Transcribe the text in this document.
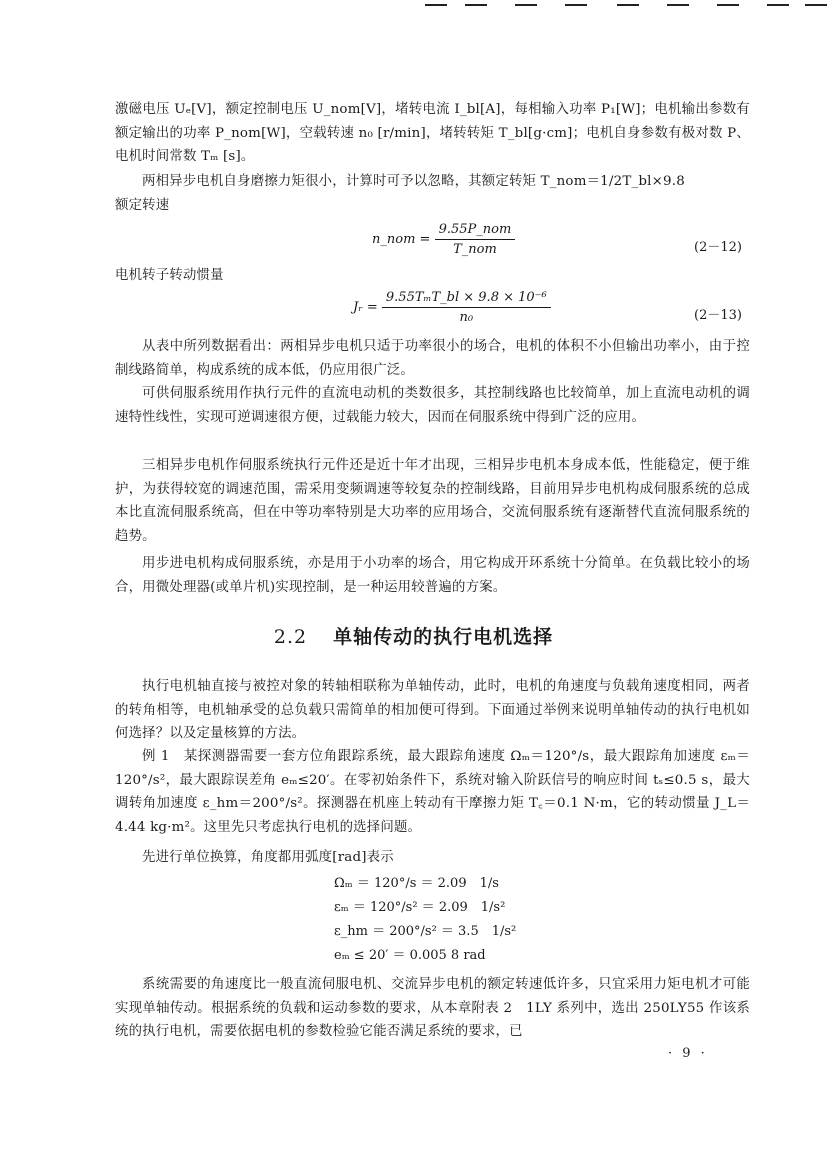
激磁电压 Uₑ[V]，额定控制电压 U_nom[V]，堵转电流 I_bl[A]，每相输入功率 P₁[W]；电机输出参数有额定输出的功率 P_nom[W]，空载转速 n₀ [r/min]，堵转转矩 T_bl[g·cm]；电机自身参数有极对数 P、电机时间常数 Tₘ [s]。

两相异步电机自身磨擦力矩很小，计算时可予以忽略，其额定转矩 T_nom＝1/2T_bl×9.8

额定转速

n_nom = $\frac{\text{9.55P\_nom}}{\text{T\_nom}}$	(2－12)

电机转子转动惯量

Jᵣ = $\frac{\text{9.55TₘT\_bl × 9.8 × 10⁻⁶}}{\text{n₀}}$	(2－13)

从表中所列数据看出：两相异步电机只适于功率很小的场合，电机的体积不小但输出功率小，由于控制线路简单，构成系统的成本低，仍应用很广泛。

可供伺服系统用作执行元件的直流电动机的类数很多，其控制线路也比较简单，加上直流电动机的调速特性线性，实现可逆调速很方便，过载能力较大，因而在伺服系统中得到广泛的应用。

三相异步电机作伺服系统执行元件还是近十年才出现，三相异步电机本身成本低，性能稳定，便于维护，为获得较宽的调速范围，需采用变频调速等较复杂的控制线路，目前用异步电机构成伺服系统的总成本比直流伺服系统高，但在中等功率特别是大功率的应用场合，交流伺服系统有逐渐替代直流伺服系统的趋势。

用步进电机构成伺服系统，亦是用于小功率的场合，用它构成开环系统十分简单。在负载比较小的场合，用微处理器(或单片机)实现控制，是一种运用较普遍的方案。

2.2 单轴传动的执行电机选择

执行电机轴直接与被控对象的转轴相联称为单轴传动，此时，电机的角速度与负载角速度相同，两者的转角相等，电机轴承受的总负载只需简单的相加便可得到。下面通过举例来说明单轴传动的执行电机如何选择？以及定量核算的方法。

例 1　某探测器需要一套方位角跟踪系统，最大跟踪角速度 Ωₘ＝120°/s，最大跟踪角加速度 εₘ＝120°/s²，最大跟踪误差角 eₘ≤20′。在零初始条件下，系统对输入阶跃信号的响应时间 tₛ≤0.5 s，最大调转角加速度 ε_hm＝200°/s²。探测器在机座上转动有干摩擦力矩 T꜀＝0.1 N·m，它的转动惯量 J_L＝4.44 kg·m²。这里先只考虑执行电机的选择问题。

先进行单位换算，角度都用弧度[rad]表示

Ωₘ ＝ 120°/s ＝ 2.09　1/s
εₘ ＝ 120°/s² ＝ 2.09　1/s²
ε_hm ＝ 200°/s² ＝ 3.5　1/s²
eₘ ≤ 20′ ＝ 0.005 8 rad

系统需要的角速度比一般直流伺服电机、交流异步电机的额定转速低许多，只宜采用力矩电机才可能实现单轴传动。根据系统的负载和运动参数的要求，从本章附表 2　1LY 系列中，选出 250LY55 作该系统的执行电机，需要依据电机的参数检验它能否满足系统的要求，已

· 9 ·
